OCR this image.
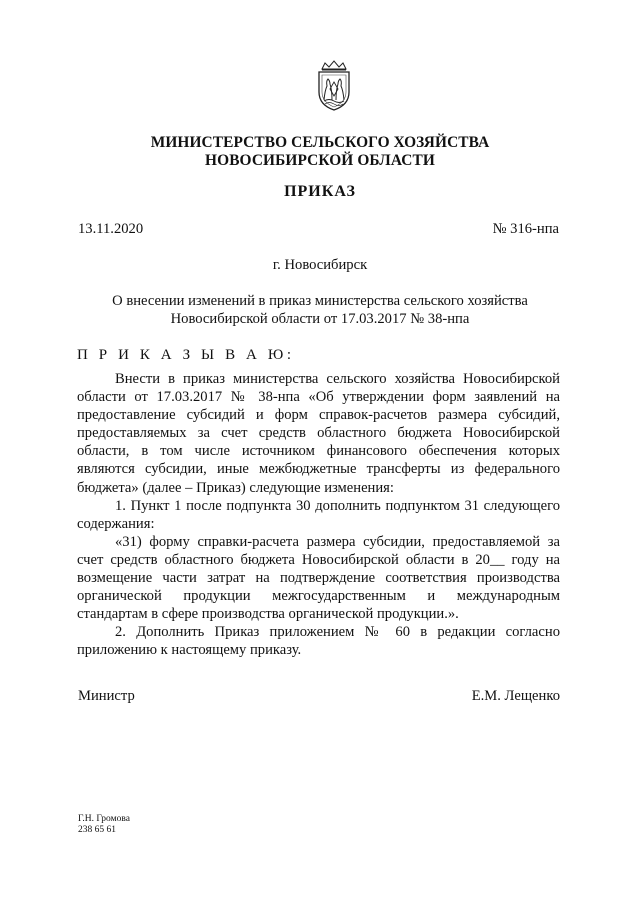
МИНИСТЕРСТВО СЕЛЬСКОГО ХОЗЯЙСТВА
НОВОСИБИРСКОЙ ОБЛАСТИ
ПРИКАЗ
13.11.2020	№ 316-нпа
г. Новосибирск
О внесении изменений в приказ министерства сельского хозяйства
Новосибирской области от 17.03.2017 № 38-нпа
П Р И К А З Ы В А Ю:

Внести в приказ министерства сельского хозяйства Новосибирской области от 17.03.2017 № 38-нпа «Об утверждении форм заявлений на предоставление субсидий и форм справок-расчетов размера субсидий, предоставляемых за счет средств областного бюджета Новосибирской области, в том числе источником финансового обеспечения которых являются субсидии, иные межбюджетные трансферты из федерального бюджета» (далее – Приказ) следующие изменения:

1. Пункт 1 после подпункта 30 дополнить подпунктом 31 следующего содержания:

«31) форму справки-расчета размера субсидии, предоставляемой за счет средств областного бюджета Новосибирской области в 20__ году на возмещение части затрат на подтверждение соответствия производства органической продукции межгосударственным и международным стандартам в сфере производства органической продукции.».

2. Дополнить Приказ приложением № 60 в редакции согласно приложению к настоящему приказу.

Министр	Е.М. Лещенко
Г.Н. Громова
238 65 61
